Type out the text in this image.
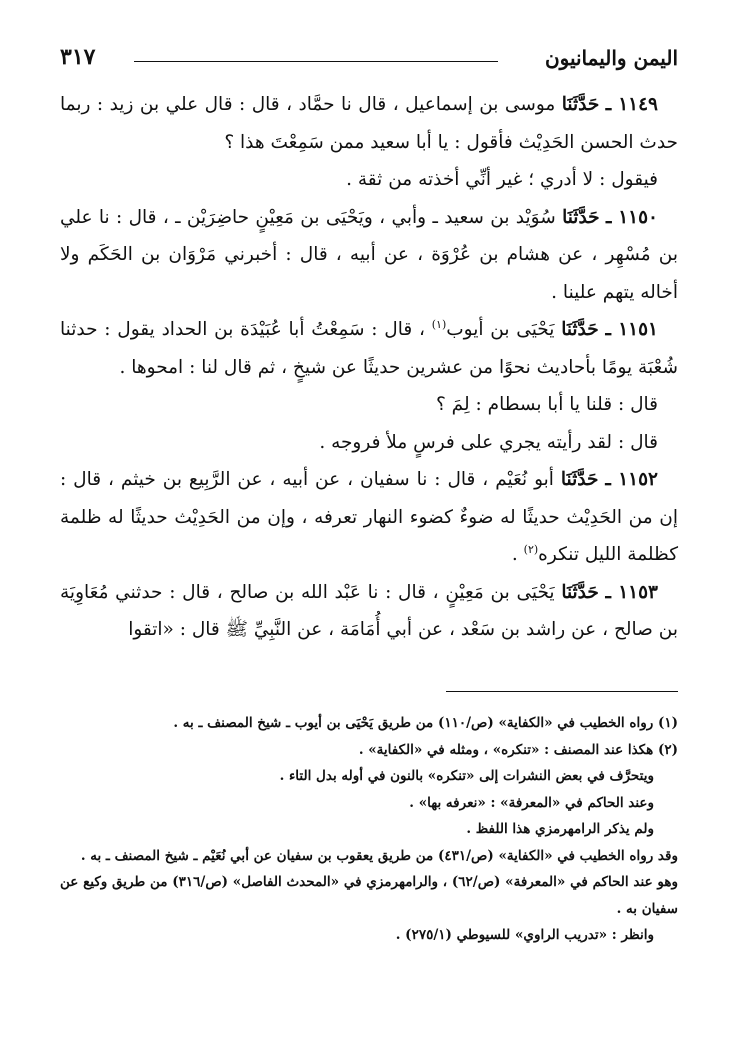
اليمن واليمانيون
٣١٧

١١٤٩ ـ حَدَّثَنَا موسى بن إسماعيل ، قال نا حمَّاد ، قال : قال علي بن زيد : ربما حدث الحسن الحَدِيْث فأقول : يا أبا سعيد ممن سَمِعْتَ هذا ؟

فيقول : لا أدري ؛ غير أنِّي أخذته من ثقة .

١١٥٠ ـ حَدَّثَنَا سُوَيْد بن سعيد ـ وأبي ، ويَحْيَى بن مَعِيْنٍ حاضِرَيْن ـ ، قال : نا علي بن مُسْهِر ، عن هشام بن عُرْوَة ، عن أبيه ، قال : أخبرني مَرْوَان بن الحَكَم ولا أخاله يتهم علينا .

١١٥١ ـ حَدَّثَنَا يَحْيَى بن أيوب$^{(١)}$ ، قال : سَمِعْتُ أبا عُبَيْدَة بن الحداد يقول : حدثنا شُعْبَة يومًا بأحاديث نحوًا من عشرين حديثًا عن شيخٍ ، ثم قال لنا : امحوها .

قال : قلنا يا أبا بسطام : لِمَ ؟

قال : لقد رأيته يجري على فرسٍ ملأ فروجه .

١١٥٢ ـ حَدَّثَنَا أبو نُعَيْم ، قال : نا سفيان ، عن أبيه ، عن الرَّبِيع بن خيثم ، قال : إن من الحَدِيْث حديثًا له ضوءٌ كضوء النهار تعرفه ، وإن من الحَدِيْث حديثًا له ظلمة كظلمة الليل تنكره$^{(٢)}$ .

١١٥٣ ـ حَدَّثَنَا يَحْيَى بن مَعِيْنٍ ، قال : نا عَبْد الله بن صالح ، قال : حدثني مُعَاوِيَة بن صالح ، عن راشد بن سَعْد ، عن أبي أُمَامَة ، عن النَّبِيِّ ﷺ قال : «اتقوا

(١) رواه الخطيب في «الكفاية» (ص/١١٠) من طريق يَحْيَى بن أيوب ـ شيخ المصنف ـ به .

(٢) هكذا عند المصنف : «تنكره» ، ومثله في «الكفاية» .

ويتحرَّف في بعض النشرات إلى «تنكره» بالنون في أوله بدل التاء .

وعند الحاكم في «المعرفة» : «نعرفه بها» .

ولم يذكر الرامهرمزي هذا اللفظ .

وقد رواه الخطيب في «الكفاية» (ص/٤٣١) من طريق يعقوب بن سفيان عن أبي نُعَيْم ـ شيخ المصنف ـ به .

وهو عند الحاكم في «المعرفة» (ص/٦٢) ، والرامهرمزي في «المحدث الفاصل» (ص/٣١٦) من طريق وكيع عن سفيان به .

وانظر : «تدريب الراوي» للسيوطي (٢٧٥/١) .
